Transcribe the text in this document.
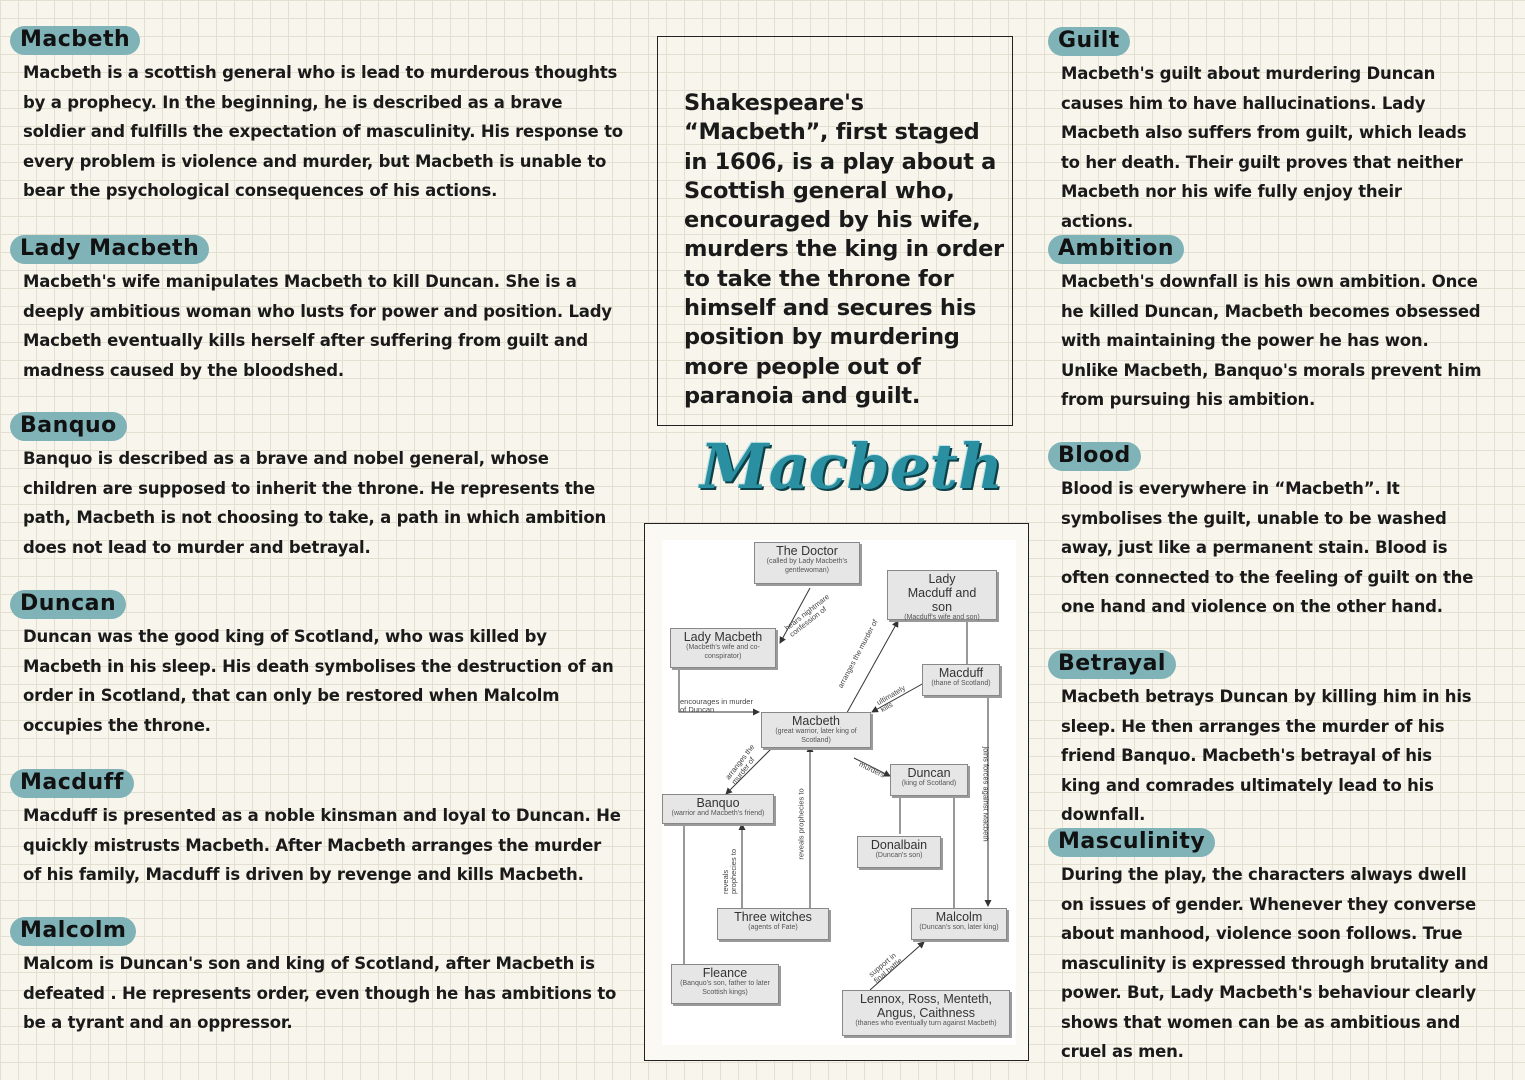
Macbeth
Macbeth is a scottish general who is lead to murderous thoughts by a prophecy. In the beginning, he is described as a brave soldier and fulfills the expectation of masculinity. His response to every problem is violence and murder, but Macbeth is unable to bear the psychological consequences of his actions.
Lady Macbeth
Macbeth's wife manipulates Macbeth to kill Duncan. She is a deeply ambitious woman who lusts for power and position. Lady Macbeth eventually kills herself after suffering from guilt and madness caused by the bloodshed.
Banquo
Banquo is described as a brave and nobel general, whose children are supposed to inherit the throne. He represents the path, Macbeth is not choosing to take, a path in which ambition does not lead to murder and betrayal.
Duncan
Duncan was the good king of Scotland, who was killed by Macbeth in his sleep. His death symbolises the destruction of an order in Scotland, that can only be restored when Malcolm occupies the throne.
Macduff
Macduff is presented as a noble kinsman and loyal to Duncan. He quickly mistrusts Macbeth. After Macbeth arranges the murder of his family, Macduff is driven by revenge and kills Macbeth.
Malcolm
Malcom is Duncan's son and king of Scotland, after Macbeth is defeated . He represents order, even though he has ambitions to be a tyrant and an oppressor.
Shakespeare's “Macbeth”, first staged in 1606, is a play about a Scottish general who, encouraged by his wife, murders the king in order to take the throne for himself and secures his position by murdering more people out of paranoia and guilt.
Macbeth
The Doctor
(called by Lady Macbeth's gentlewoman)
Lady Macduff and son
(Macduff's wife and son)
Lady Macbeth
(Macbeth's wife and co-conspirator)
Macduff
(thane of Scotland)
Macbeth
(great warrior, later king of Scotland)
Duncan
(king of Scotland)
Banquo
(warrior and Macbeth's friend)
Donalbain
(Duncan's son)
Three witches
(agents of Fate)
Malcolm
(Duncan's son, later king)
Fleance
(Banquo's son, father to later Scottish kings)	Lennox, Ross, Menteth, Angus, Caithness
(thanes who eventually turn against Macbeth)
hears nightmare confession of
encourages in murder of Duncan
arranges the murder of
ultimately kills
murders
arranges the murder of
reveals prophecies to
reveals prophecies to
joins forces against Macbeth
support in final battle
Guilt
Macbeth's guilt about murdering Duncan causes him to have hallucinations. Lady Macbeth also suffers from guilt, which leads to her death. Their guilt proves that neither Macbeth nor his wife fully enjoy their actions.
Ambition
Macbeth's downfall is his own ambition. Once he killed Duncan, Macbeth becomes obsessed with maintaining the power he has won. Unlike Macbeth, Banquo's morals prevent him from pursuing his ambition.
Blood
Blood is everywhere in “Macbeth”. It symbolises the guilt, unable to be washed away, just like a permanent stain. Blood is often connected to the feeling of guilt on the one hand and violence on the other hand.
Betrayal
Macbeth betrays Duncan by killing him in his sleep. He then arranges the murder of his friend Banquo. Macbeth's betrayal of his king and comrades ultimately lead to his downfall.
Masculinity
During the play, the characters always dwell on issues of gender. Whenever they converse about manhood, violence soon follows. True masculinity is expressed through brutality and power. But, Lady Macbeth's behaviour clearly shows that women can be as ambitious and cruel as men.
